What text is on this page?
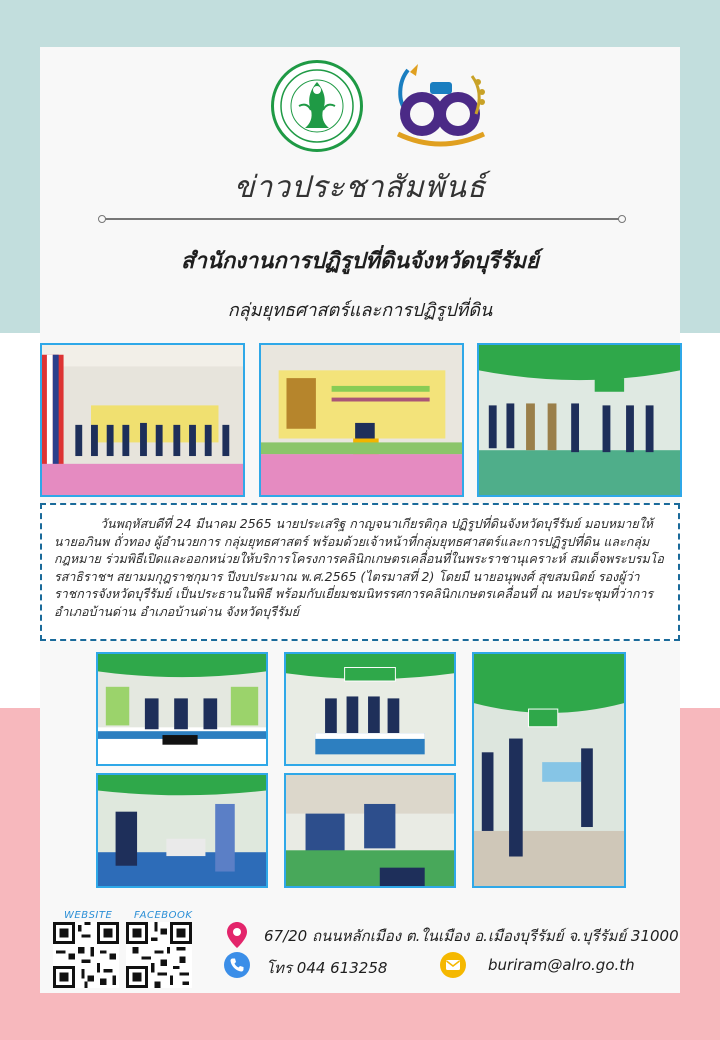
ข่าวประชาสัมพันธ์
สำนักงานการปฏิรูปที่ดินจังหวัดบุรีรัมย์
กลุ่มยุทธศาสตร์และการปฏิรูปที่ดิน
วันพฤหัสบดีที่ 24 มีนาคม 2565 นายประเสริฐ กาญจนาเกียรติกุล ปฏิรูปที่ดินจังหวัดบุรีรัมย์ มอบหมายให้นายอภินพ ถั่วทอง ผู้อำนวยการ กลุ่มยุทธศาสตร์ พร้อมด้วยเจ้าหน้าที่กลุ่มยุทธศาสตร์และการปฏิรูปที่ดิน และกลุ่มกฎหมาย ร่วมพิธีเปิดและออกหน่วยให้บริการโครงการคลินิกเกษตรเคลื่อนที่ในพระราชานุเคราะห์ สมเด็จพระบรมโอรสาธิราชฯ สยามมกุฎราชกุมาร ปีงบประมาณ พ.ศ.2565 (ไตรมาสที่ 2) โดยมี นายอนุพงศ์ สุขสมนิตย์ รองผู้ว่าราชการจังหวัดบุรีรัมย์ เป็นประธานในพิธี พร้อมกับเยี่ยมชมนิทรรศการคลินิกเกษตรเคลื่อนที่ ณ หอประชุมที่ว่าการอำเภอบ้านด่าน อำเภอบ้านด่าน จังหวัดบุรีรัมย์
WEBSITE FACEBOOK
67/20 ถนนหลักเมือง ต.ในเมือง อ.เมืองบุรีรัมย์ จ.บุรีรัมย์ 31000
โทร 044 613258	buriram@alro.go.th
